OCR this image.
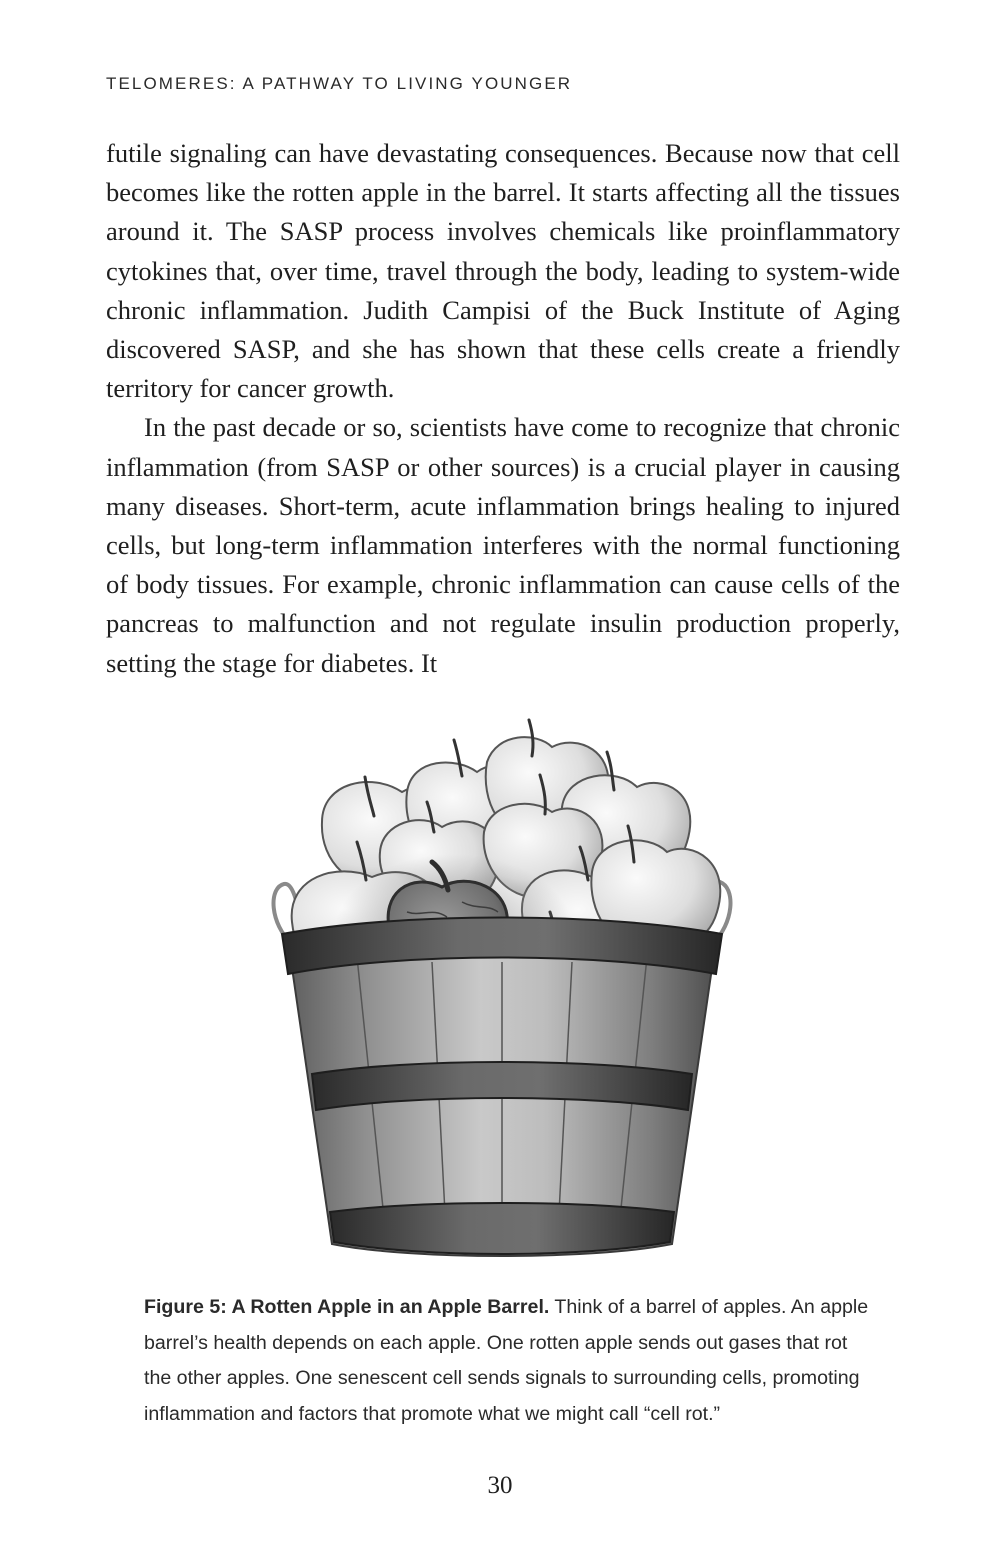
TELOMERES: A PATHWAY TO LIVING YOUNGER

futile signaling can have devastating consequences. Because now that cell becomes like the rotten apple in the barrel. It starts affecting all the tissues around it. The SASP process involves chemicals like proinflammatory cytokines that, over time, travel through the body, leading to system-wide chronic inflammation. Judith Campisi of the Buck Institute of Aging discovered SASP, and she has shown that these cells create a friendly territory for cancer growth.

In the past decade or so, scientists have come to recognize that chronic inflammation (from SASP or other sources) is a crucial player in causing many diseases. Short-term, acute inflammation brings healing to injured cells, but long-term inflammation interferes with the normal functioning of body tissues. For example, chronic inflammation can cause cells of the pancreas to malfunction and not regulate insulin production properly, setting the stage for diabetes. It

Figure 5: A Rotten Apple in an Apple Barrel. Think of a barrel of apples. An apple barrel’s health depends on each apple. One rotten apple sends out gases that rot the other apples. One senescent cell sends signals to surrounding cells, promoting inflammation and factors that promote what we might call “cell rot.”
30
